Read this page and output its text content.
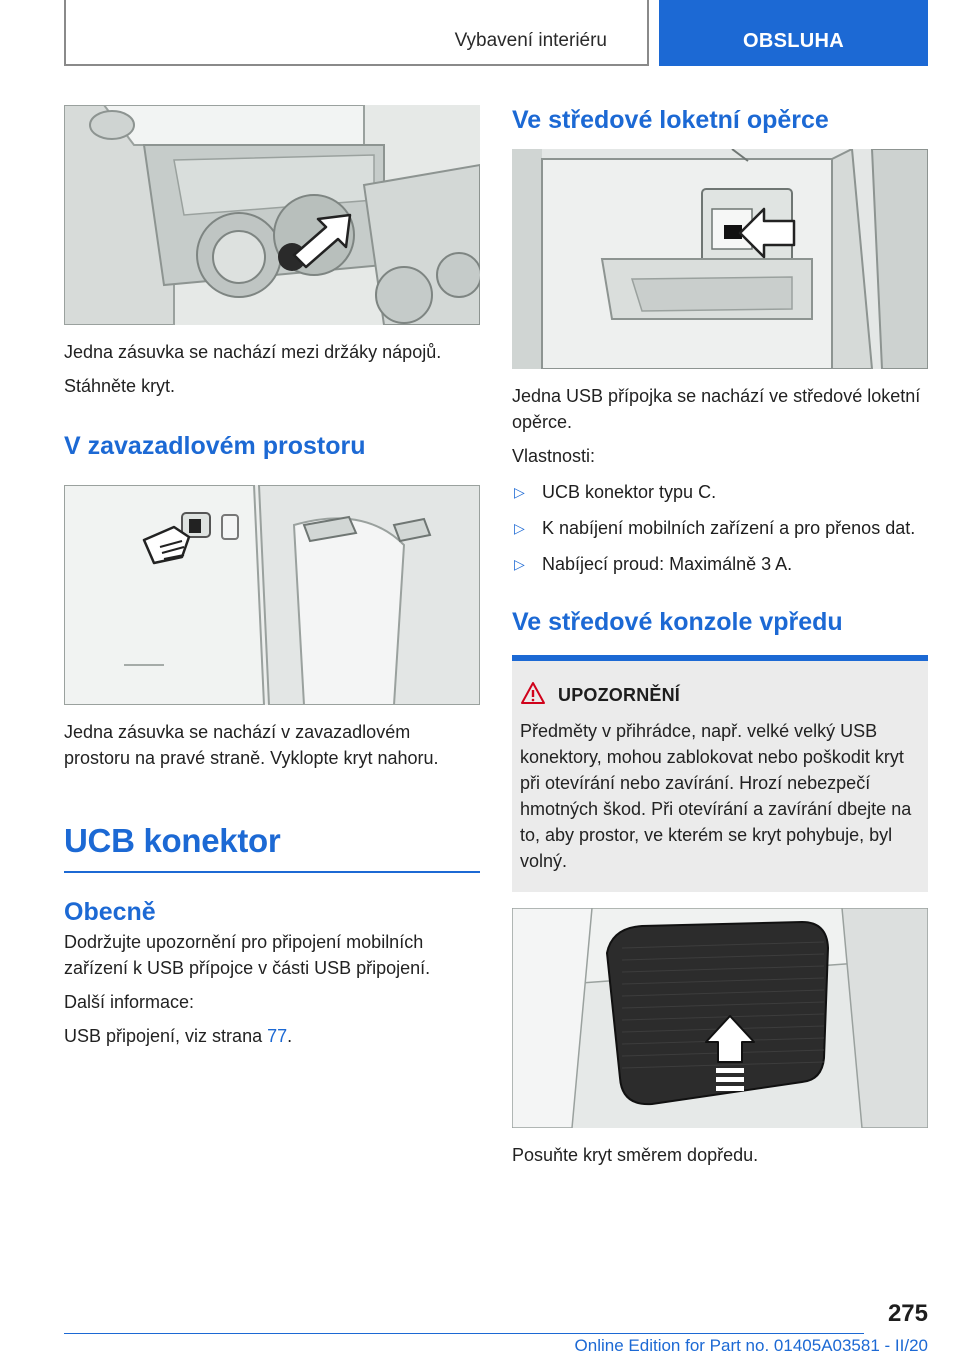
Vybavení interiéru	OBSLUHA

Jedna zásuvka se nachází mezi držáky nápojů.

Stáhněte kryt.

V zavazadlovém prostoru

Jedna zásuvka se nachází v zavazadlovém prostoru na pravé straně. Vyklopte kryt nahoru.

UCB konektor
Obecně

Dodržujte upozornění pro připojení mobilních zařízení k USB přípojce v části USB připojení.

Další informace:

USB připojení, viz strana 77.

Ve středové loketní opěrce

Jedna USB přípojka se nachází ve středové loketní opěrce.

Vlastnosti:

▷ UCB konektor typu C.
▷ K nabíjení mobilních zařízení a pro přenos dat.
▷ Nabíjecí proud: Maximálně 3 A.
Ve středové konzole vpředu
UPOZORNĚNÍ

Předměty v přihrádce, např. velké velký USB konektory, mohou zablokovat nebo poškodit kryt při otevírání nebo zavírání. Hrozí nebezpečí hmotných škod. Při otevírání a zavírání dbejte na to, aby prostor, ve kterém se kryt pohybuje, byl volný.

Posuňte kryt směrem dopředu.

275
Online Edition for Part no. 01405A03581 - II/20
